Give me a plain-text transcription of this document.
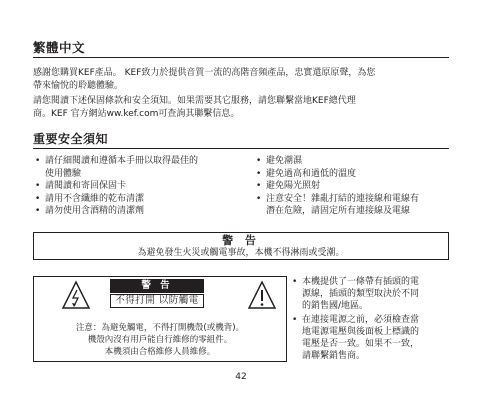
繁體中文
感謝您購買KEF產品。 KEF致力於提供音質一流的高階音頻產品，忠實還原原聲，為您
帶來愉悅的聆聽體驗。
請您閱讀下述保固條款和安全須知。如果需要其它服務，請您聯繫當地KEF總代理
商。KEF 官方網站ww.kef.com可查詢其聯繫信息。
重要安全須知
• 請仔細閱讀和遵循本手冊以取得最佳的
使用體驗
• 請閱讀和寄回保固卡
• 請用不含纖維的乾布清潔
• 請勿使用含酒精的清潔劑
• 避免潮濕
• 避免過高和過低的溫度
• 避免陽光照射
• 注意安全！雜亂打結的連接線和電線有
潛在危險，請固定所有連接線及電線
警 告
為避免發生火災或觸電事故，本機不得淋雨或受潮。
警 告
不得打開 以防觸電
注意：為避免觸電，不得打開機殼(或機背)。
機殼內沒有用戶能自行維修的零組件。
本機須由合格維修人員維修。
• 本機提供了一條帶有插頭的電
源線，插頭的類型取決於不同
的銷售國/地區。
• 在連接電源之前，必須檢查當
地電源電壓與後面板上標識的
電壓是否一致。如果不一致，
請聯繫銷售商。
42
